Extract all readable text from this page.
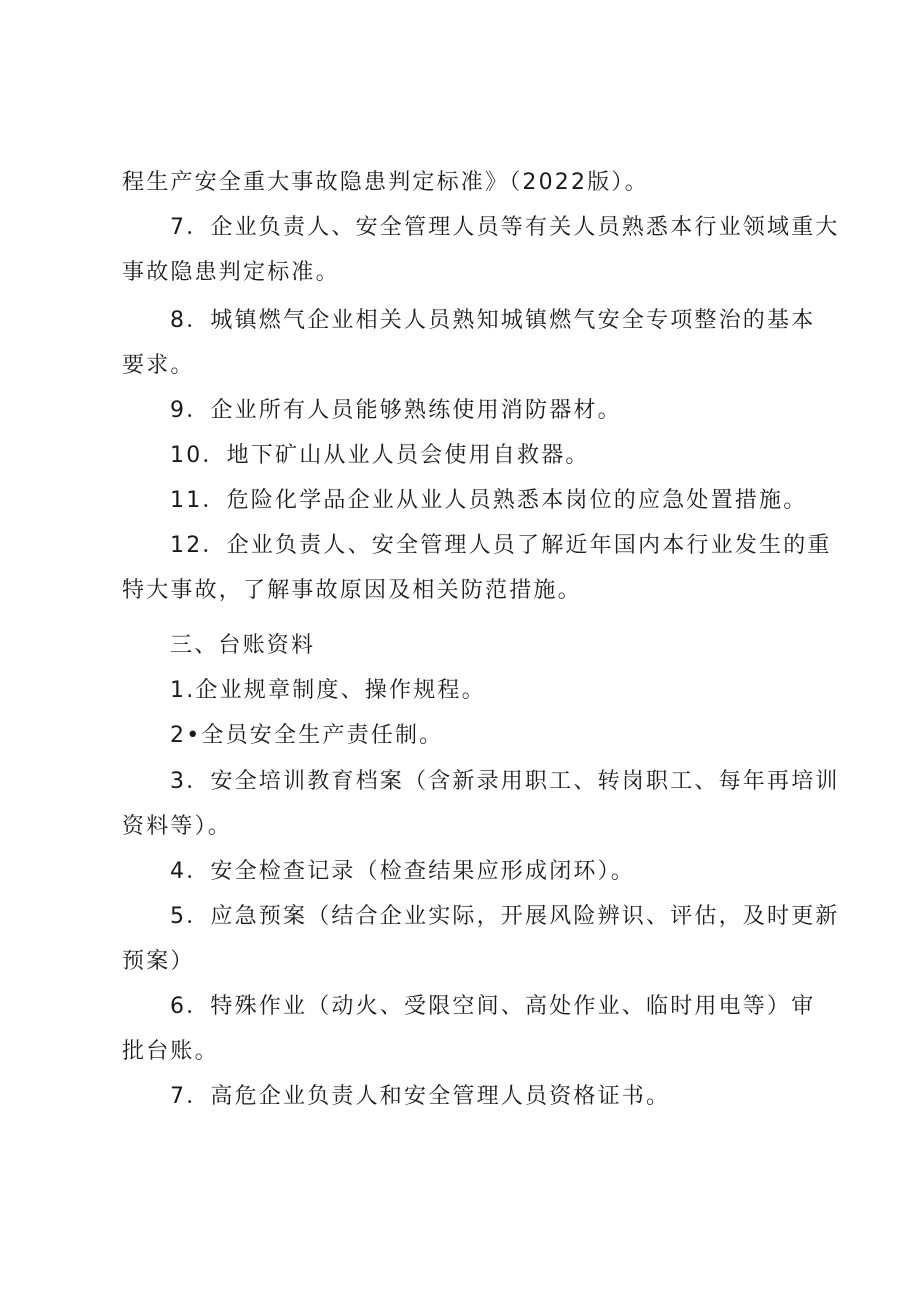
程生产安全重大事故隐患判定标准》（2022版）。
7．企业负责人、安全管理人员等有关人员熟悉本行业领域重大
事故隐患判定标准。
8．城镇燃气企业相关人员熟知城镇燃气安全专项整治的基本
要求。
9．企业所有人员能够熟练使用消防器材。
10．地下矿山从业人员会使用自救器。
11．危险化学品企业从业人员熟悉本岗位的应急处置措施。
12．企业负责人、安全管理人员了解近年国内本行业发生的重
特大事故，了解事故原因及相关防范措施。
三、台账资料
1.企业规章制度、操作规程。
2•全员安全生产责任制。
3．安全培训教育档案（含新录用职工、转岗职工、每年再培训
资料等）。
4．安全检查记录（检查结果应形成闭环）。
5．应急预案（结合企业实际，开展风险辨识、评估，及时更新
预案）
6．特殊作业（动火、受限空间、高处作业、临时用电等）审
批台账。
7．高危企业负责人和安全管理人员资格证书。
